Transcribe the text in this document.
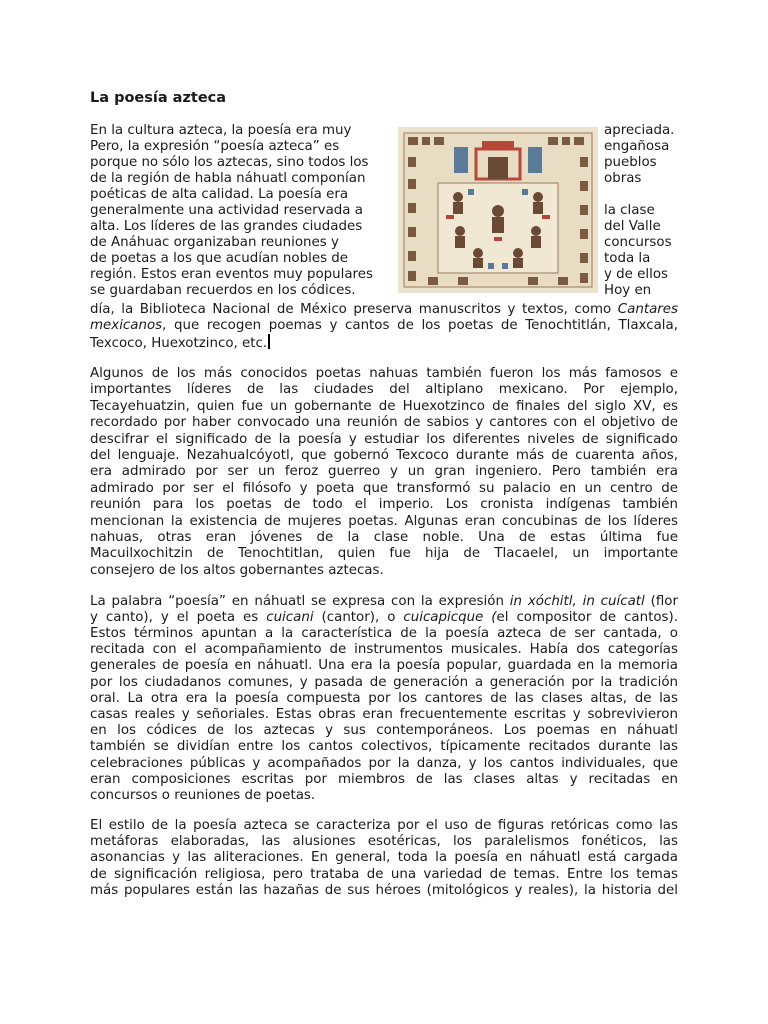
La poesía azteca
En la cultura azteca, la poesía era muy
Pero, la expresión “poesía azteca” es
porque no sólo los aztecas, sino todos los
de la región de habla náhuatl componían
poéticas de alta calidad. La poesía era
generalmente una actividad reservada a
alta. Los líderes de las grandes ciudades
de Anáhuac organizaban reuniones y
de poetas a los que acudían nobles de
región. Estos eran eventos muy populares
se guardaban recuerdos en los códices.
apreciada.
engañosa
pueblos
obras
la clase
del Valle
concursos
toda la
y de ellos
Hoy en
día, la Biblioteca Nacional de México preserva manuscritos y textos, como Cantares
mexicanos, que recogen poemas y cantos de los poetas de Tenochtitlán, Tlaxcala,
Texcoco, Huexotzinco, etc.
Algunos de los más conocidos poetas nahuas también fueron los más famosos e
importantes líderes de las ciudades del altiplano mexicano. Por ejemplo,
Tecayehuatzin, quien fue un gobernante de Huexotzinco de finales del siglo XV, es
recordado por haber convocado una reunión de sabios y cantores con el objetivo de
descifrar el significado de la poesía y estudiar los diferentes niveles de significado
del lenguaje. Nezahualcóyotl, que gobernó Texcoco durante más de cuarenta años,
era admirado por ser un feroz guerreo y un gran ingeniero. Pero también era
admirado por ser el filósofo y poeta que transformó su palacio en un centro de
reunión para los poetas de todo el imperio. Los cronista indígenas también
mencionan la existencia de mujeres poetas. Algunas eran concubinas de los líderes
nahuas, otras eran jóvenes de la clase noble. Una de estas última fue
Macuilxochitzin de Tenochtitlan, quien fue hija de Tlacaelel, un importante
consejero de los altos gobernantes aztecas.
La palabra “poesía” en náhuatl se expresa con la expresión in xóchitl, in cuícatl (flor
y canto), y el poeta es cuicani (cantor), o cuicapicque (el compositor de cantos).
Estos términos apuntan a la característica de la poesía azteca de ser cantada, o
recitada con el acompañamiento de instrumentos musicales. Había dos categorías
generales de poesía en náhuatl. Una era la poesía popular, guardada en la memoria
por los ciudadanos comunes, y pasada de generación a generación por la tradición
oral. La otra era la poesía compuesta por los cantores de las clases altas, de las
casas reales y señoriales. Estas obras eran frecuentemente escritas y sobrevivieron
en los códices de los aztecas y sus contemporáneos. Los poemas en náhuatl
también se dividían entre los cantos colectivos, típicamente recitados durante las
celebraciones públicas y acompañados por la danza, y los cantos individuales, que
eran composiciones escritas por miembros de las clases altas y recitadas en
concursos o reuniones de poetas.
El estilo de la poesía azteca se caracteriza por el uso de figuras retóricas como las
metáforas elaboradas, las alusiones esotéricas, los paralelismos fonéticos, las
asonancias y las aliteraciones. En general, toda la poesía en náhuatl está cargada
de significación religiosa, pero trataba de una variedad de temas. Entre los temas
más populares están las hazañas de sus héroes (mitológicos y reales), la historia del
